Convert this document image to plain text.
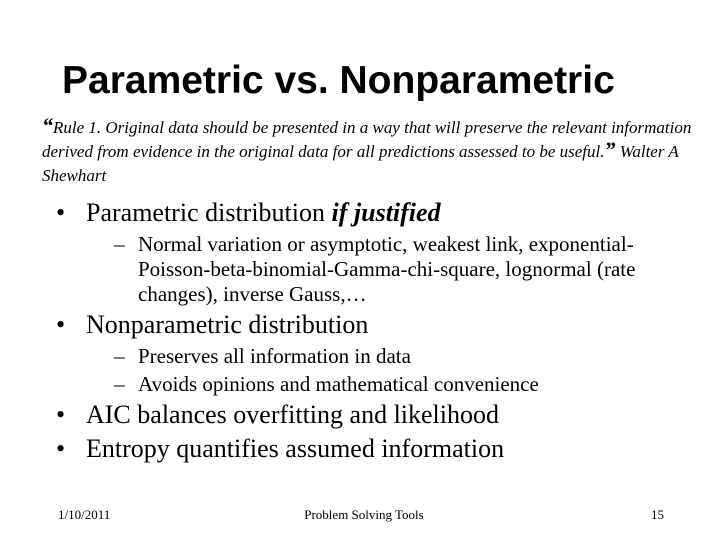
Parametric vs. Nonparametric
“Rule 1. Original data should be presented in a way that will preserve the relevant information derived from evidence in the original data for all predictions assessed to be useful.” Walter A Shewhart
• Parametric distribution if justified
– Normal variation or asymptotic, weakest link, exponential-Poisson-beta-binomial-Gamma-chi-square, lognormal (rate changes), inverse Gauss,…
• Nonparametric distribution
– Preserves all information in data
– Avoids opinions and mathematical convenience
• AIC balances overfitting and likelihood
• Entropy quantifies assumed information
1/10/2011	Problem Solving Tools	15
